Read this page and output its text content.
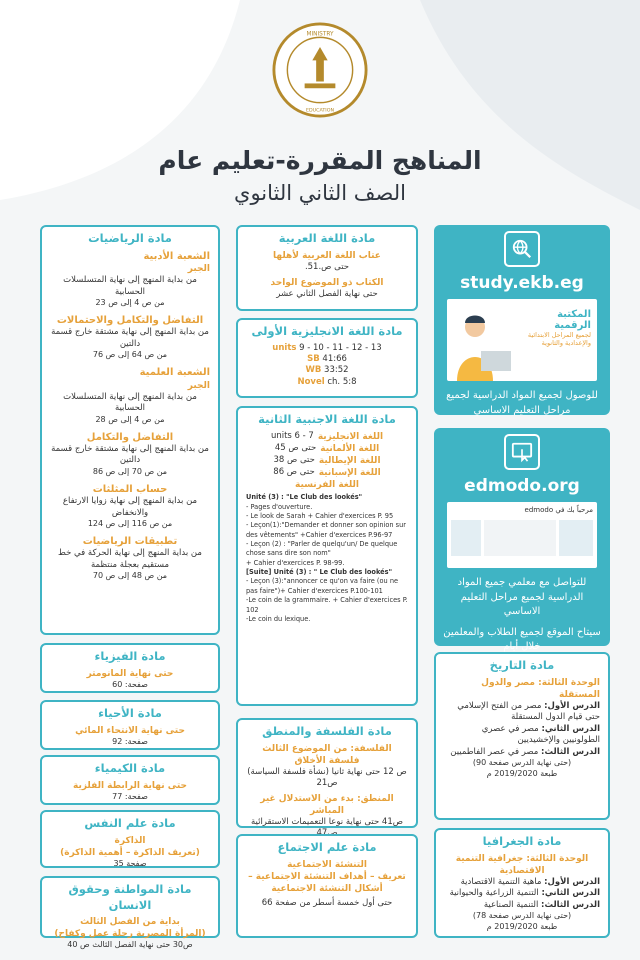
MINISTRY
EDUCATION
المناهج المقررة-تعليم عام
الصف الثاني الثانوي
مادة الرياضيات
الشعبة الأدبية
الجبر
من بداية المنهج إلى نهاية المتسلسلات الحسابية
من ص 4 إلى ص 23
التفاضل والتكامل والاحتمالات
من بداية المنهج إلى نهاية مشتقة خارج قسمة دالتين
من ص 64 إلى ص 76
الشعبة العلمية
الجبر
من بداية المنهج إلى نهاية المتسلسلات الحسابية
من ص 4 إلى ص 28
التفاضل والتكامل
من بداية المنهج إلى نهاية مشتقة خارج قسمة دالتين
من ص 70 إلى ص 86
حساب المثلثات
من بداية المنهج إلى نهاية زوايا الارتفاع والانخفاض
من ص 116 إلى ص 124
تطبيقات الرياضيات
من بداية المنهج إلى نهاية الحركة في خط مستقيم بعجلة منتظمة
من ص 48 إلى ص 70
مادة الفيزياء
حتى نهاية المانومتر
صفحة: 60
مادة الأحياء
حتى نهاية الانتحاء المائي
صفحة: 92
مادة الكيمياء
حتى نهاية الرابطة الفلزية
صفحة: 77
مادة علم النفس
الذاكرة
(تعريف الذاكرة – أهمية الذاكرة)
صفحة 35
مادة المواطنة وحقوق الانسان
بداية من الفصل الثالث
(المرأة المصرية رحلة عمل وكفاح)
ص30 حتى نهاية الفصل الثالث ص 40
مادة اللغة العربية
عتاب اللغة العربية لأهلها
حتى ص.51.
الكتاب ذو الموضوع الواحد
حتى نهاية الفصل الثاني عشر
مادة اللغة الانجليزية الأولى
units 9 - 10 - 11 - 12 - 13
SB 41:66
WB 33:52
Novel ch. 5:8
مادة اللغة الاجنبية الثانية
اللغة الانجليزية
units 6 - 7
اللغة الألمانية
حتى ص 45
اللغة الإيطالية
حتى ص 38
اللغة الإسبانية
حتى ص 86
اللغة الفرنسية
Unité (3) : "Le Club des lookés"
- Pages d'ouverture.
- Le look de Sarah + Cahier d'exercices P. 95
- Leçon(1):"Demander et donner son opinion sur des vêtements" +Cahier d'exercices P.96-97
- Leçon (2) : "Parler de quelqu'un/ De quelque chose sans dire son nom"
+ Cahier d'exercices P. 98-99.
[Suite] Unité (3) : " Le Club des lookés"
- Leçon (3):"annoncer ce qu'on va faire (ou ne pas faire")+ Cahier d'exercices P.100-101
-Le coin de la grammaire. + Cahier d'exercices P. 102
-Le coin du lexique.
مادة الفلسفة والمنطق
الفلسفة: من الموضوع الثالث فلسفة الأخلاق
ص 12 حتى نهاية ثانيا (نشأة فلسفة السياسة) ص21
المنطق: بدء من الاستدلال غير المباشر
ص41 حتى نهاية نوعا التعميمات الاستقرائية
مادة علم الاجتماع
التنشئة الاجتماعية
تعريف – أهداف التنشئة الاجتماعية – أشكال التنشئة الاجتماعية
حتى أول خمسة أسطر من صفحة 66
study.ekb.eg
المكتبة الرقمية
لجميع المراحل الابتدائية والإعدادية والثانوية
للوصول لجميع المواد الدراسية لجميع مراحل التعليم الاساسي
edmodo.org
مرحباً بك في edmodo
للتواصل مع معلمي جميع المواد الدراسية لجميع مراحل التعليم الاساسي
سيتاح الموقع لجميع الطلاب والمعلمين خلال أيام
مادة التاريخ
الوحدة الثالثة: مصر والدول المستقلة
الدرس الأول: مصر من الفتح الإسلامي حتى قيام الدول المستقلة
الدرس الثاني: مصر في عصري الطولونيين والإخشيديين
الدرس الثالث: مصر في عصر الفاطميين
(حتى نهاية الدرس صفحة 90)
طبعة 2019/2020 م
مادة الجغرافيا
الوحدة الثالثة: جغرافية التنمية الاقتصادية
الدرس الأول: ماهية التنمية الاقتصادية
الدرس الثاني: التنمية الزراعية والحيوانية
الدرس الثالث: التنمية الصناعية
(حتى نهاية الدرس صفحة 78)
طبعة 2019/2020 م
